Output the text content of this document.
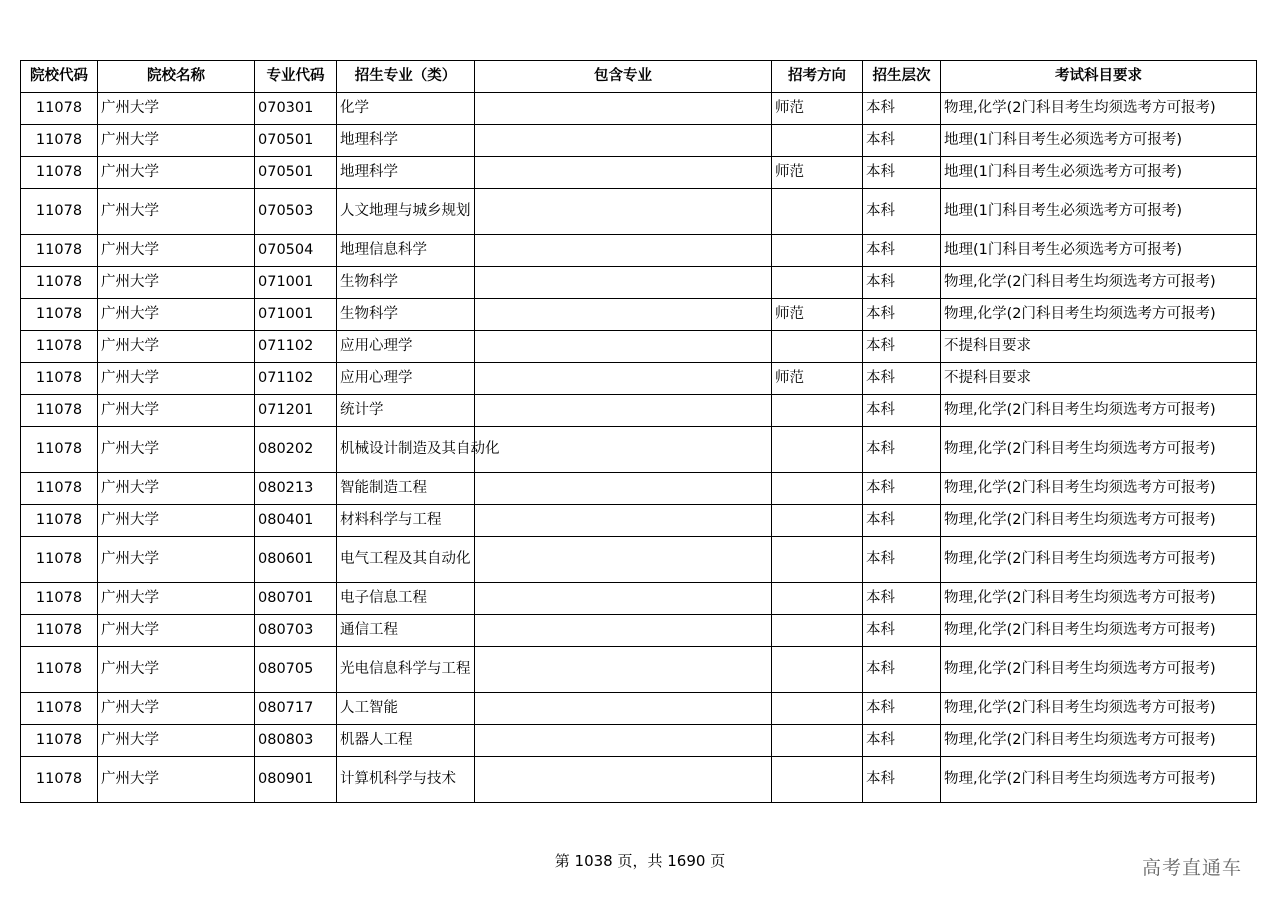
院校代码	院校名称	专业代码	招生专业（类）	包含专业	招考方向	招生层次	考试科目要求
11078	广州大学	070301	化学		师范	本科	物理,化学(2门科目考生均须选考方可报考)
11078	广州大学	070501	地理科学			本科	地理(1门科目考生必须选考方可报考)
11078	广州大学	070501	地理科学		师范	本科	地理(1门科目考生必须选考方可报考)
11078	广州大学	070503	人文地理与城乡规划			本科	地理(1门科目考生必须选考方可报考)
11078	广州大学	070504	地理信息科学			本科	地理(1门科目考生必须选考方可报考)
11078	广州大学	071001	生物科学			本科	物理,化学(2门科目考生均须选考方可报考)
11078	广州大学	071001	生物科学		师范	本科	物理,化学(2门科目考生均须选考方可报考)
11078	广州大学	071102	应用心理学			本科	不提科目要求
11078	广州大学	071102	应用心理学		师范	本科	不提科目要求
11078	广州大学	071201	统计学			本科	物理,化学(2门科目考生均须选考方可报考)
11078	广州大学	080202	机械设计制造及其自动化			本科	物理,化学(2门科目考生均须选考方可报考)
11078	广州大学	080213	智能制造工程			本科	物理,化学(2门科目考生均须选考方可报考)
11078	广州大学	080401	材料科学与工程			本科	物理,化学(2门科目考生均须选考方可报考)
11078	广州大学	080601	电气工程及其自动化			本科	物理,化学(2门科目考生均须选考方可报考)
11078	广州大学	080701	电子信息工程			本科	物理,化学(2门科目考生均须选考方可报考)
11078	广州大学	080703	通信工程			本科	物理,化学(2门科目考生均须选考方可报考)
11078	广州大学	080705	光电信息科学与工程			本科	物理,化学(2门科目考生均须选考方可报考)
11078	广州大学	080717	人工智能			本科	物理,化学(2门科目考生均须选考方可报考)
11078	广州大学	080803	机器人工程			本科	物理,化学(2门科目考生均须选考方可报考)
11078	广州大学	080901	计算机科学与技术			本科	物理,化学(2门科目考生均须选考方可报考)
第 1038 页，共 1690 页	高考直通车
